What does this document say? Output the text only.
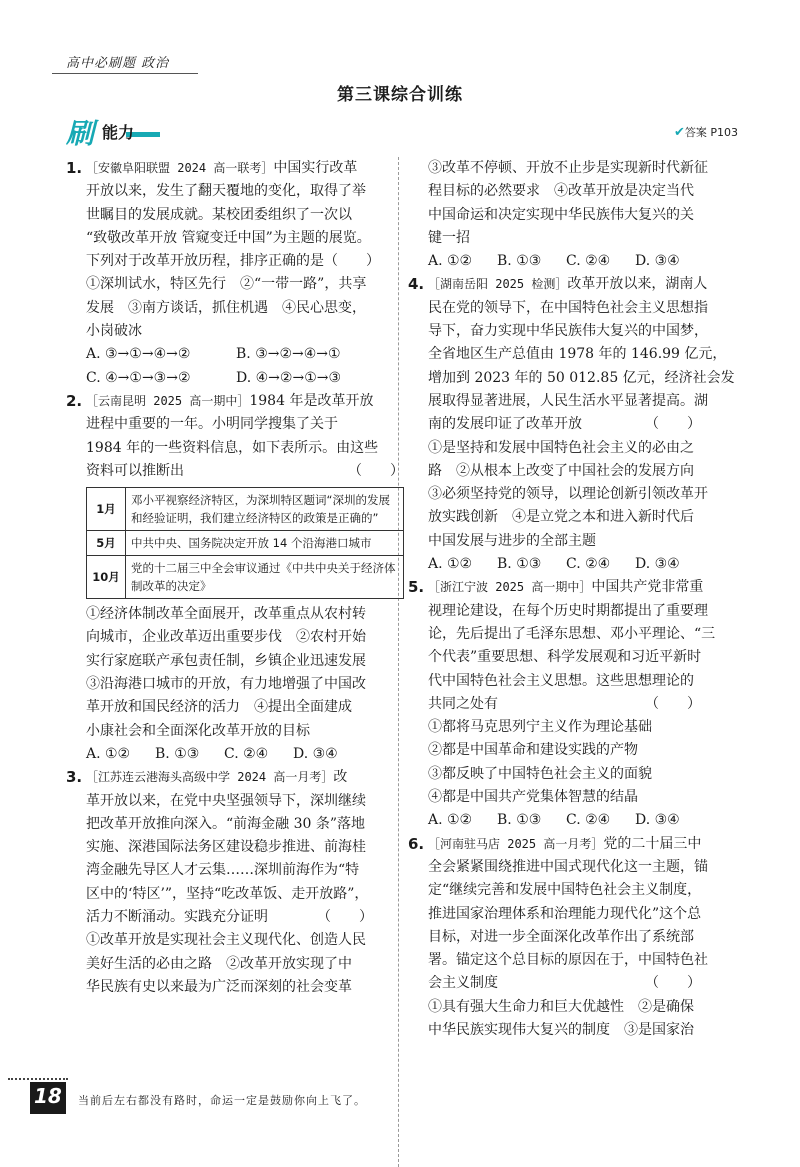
高中必刷题 政治
第三课综合训练
刷 能力	✔答案 P103
1. ［安徽阜阳联盟 2024 高一联考］中国实行改革

开放以来，发生了翻天覆地的变化，取得了举

世瞩目的发展成就。某校团委组织了一次以

“致敬改革开放 管窥变迁中国”为主题的展览。

下列对于改革开放历程，排序正确的是（　　）

①深圳试水，特区先行　②“一带一路”，共享

发展　③南方谈话，抓住机遇　④民心思变，

小岗破冰

A. ③→①→④→②	B. ③→②→④→①
C. ④→①→③→②	D. ④→②→①→③
2. ［云南昆明 2025 高一期中］1984 年是改革开放

进程中重要的一年。小明同学搜集了关于

1984 年的一些资料信息，如下表所示。由这些

资料可以推断出	（　　）

1月	邓小平视察经济特区，为深圳特区题词“深圳的发展和经验证明，我们建立经济特区的政策是正确的”
5月	中共中央、国务院决定开放 14 个沿海港口城市
10月	党的十二届三中全会审议通过《中共中央关于经济体制改革的决定》

①经济体制改革全面展开，改革重点从农村转

向城市，企业改革迈出重要步伐　②农村开始

实行家庭联产承包责任制，乡镇企业迅速发展

③沿海港口城市的开放，有力地增强了中国改

革开放和国民经济的活力　④提出全面建成

小康社会和全面深化改革开放的目标

A. ①②	B. ①③	C. ②④	D. ③④
3. ［江苏连云港海头高级中学 2024 高一月考］改

革开放以来，在党中央坚强领导下，深圳继续

把改革开放推向深入。“前海金融 30 条”落地

实施、深港国际法务区建设稳步推进、前海桂

湾金融先导区人才云集……深圳前海作为“特

区中的‘特区’”，坚持“吃改革饭、走开放路”，

活力不断涌动。实践充分证明　　　　（　　）

①改革开放是实现社会主义现代化、创造人民

美好生活的必由之路　②改革开放实现了中

华民族有史以来最为广泛而深刻的社会变革

③改革不停顿、开放不止步是实现新时代新征

程目标的必然要求　④改革开放是决定当代

中国命运和决定实现中华民族伟大复兴的关

键一招

A. ①②	B. ①③	C. ②④	D. ③④
4. ［湖南岳阳 2025 检测］改革开放以来，湖南人

民在党的领导下，在中国特色社会主义思想指

导下，奋力实现中华民族伟大复兴的中国梦，

全省地区生产总值由 1978 年的 146.99 亿元，

增加到 2023 年的 50 012.85 亿元，经济社会发

展取得显著进展，人民生活水平显著提高。湖

南的发展印证了改革开放　　　　　（　　）

①是坚持和发展中国特色社会主义的必由之

路　②从根本上改变了中国社会的发展方向

③必须坚持党的领导，以理论创新引领改革开

放实践创新　④是立党之本和进入新时代后

中国发展与进步的全部主题

A. ①②	B. ①③	C. ②④	D. ③④
5. ［浙江宁波 2025 高一期中］中国共产党非常重

视理论建设，在每个历史时期都提出了重要理

论，先后提出了毛泽东思想、邓小平理论、“三

个代表”重要思想、科学发展观和习近平新时

代中国特色社会主义思想。这些思想理论的

共同之处有　　　　　　　　　　　（　　）

①都将马克思列宁主义作为理论基础

②都是中国革命和建设实践的产物

③都反映了中国特色社会主义的面貌

④都是中国共产党集体智慧的结晶

A. ①②	B. ①③	C. ②④	D. ③④
6. ［河南驻马店 2025 高一月考］党的二十届三中

全会紧紧围绕推进中国式现代化这一主题，锚

定“继续完善和发展中国特色社会主义制度，

推进国家治理体系和治理能力现代化”这个总

目标，对进一步全面深化改革作出了系统部

署。锚定这个总目标的原因在于，中国特色社

会主义制度　　　　　　　　　　　（　　）

①具有强大生命力和巨大优越性　②是确保

中华民族实现伟大复兴的制度　③是国家治

18 当前后左右都没有路时，命运一定是鼓励你向上飞了。
